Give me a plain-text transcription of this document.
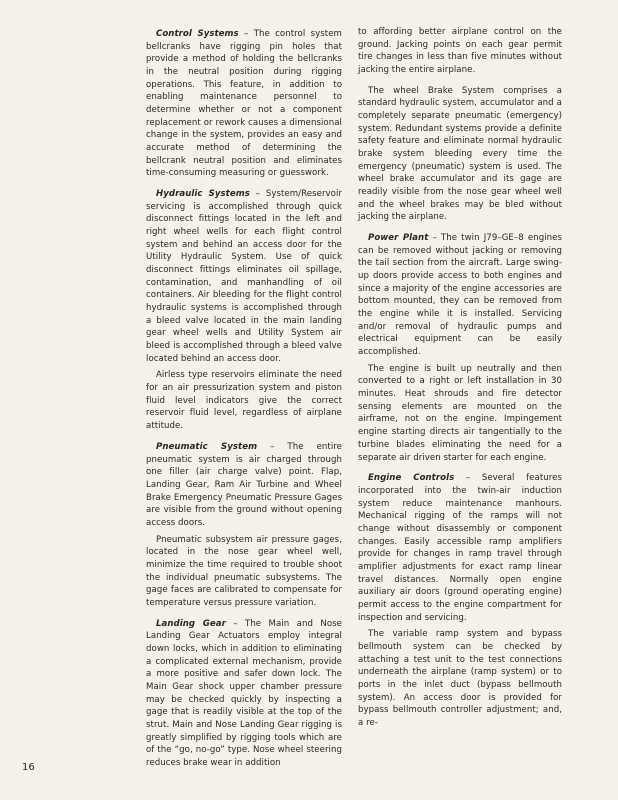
Control Systems – The control system bellcranks have rigging pin holes that provide a method of holding the bellcranks in the neutral position during rigging operations. This feature, in addition to enabling maintenance personnel to determine whether or not a component replacement or rework causes a dimensional change in the system, provides an easy and accurate method of determining the bellcrank neutral position and eliminates time-consuming measuring or guesswork.

Hydraulic Systems – System/Reservoir servicing is accomplished through quick disconnect fittings located in the left and right wheel wells for each flight control system and behind an access door for the Utility Hydraulic System. Use of quick disconnect fittings eliminates oil spillage, contamination, and manhandling of oil containers. Air bleeding for the flight control hydraulic systems is accomplished through a bleed valve located in the main landing gear wheel wells and Utility System air bleed is accomplished through a bleed valve located behind an access door.

Airless type reservoirs eliminate the need for an air pressurization system and piston fluid level indicators give the correct reservoir fluid level, regardless of airplane attitude.

Pneumatic System – The entire pneumatic system is air charged through one filler (air charge valve) point. Flap, Landing Gear, Ram Air Turbine and Wheel Brake Emergency Pneumatic Pressure Gages are visible from the ground without opening access doors.

Pneumatic subsystem air pressure gages, located in the nose gear wheel well, minimize the time required to trouble shoot the individual pneumatic subsystems. The gage faces are calibrated to compensate for temperature versus pressure variation.

Landing Gear – The Main and Nose Landing Gear Actuators employ integral down locks, which in addition to eliminating a complicated external mechanism, provide a more positive and safer down lock. The Main Gear shock upper chamber pressure may be checked quickly by inspecting a gage that is readily visible at the top of the strut. Main and Nose Landing Gear rigging is greatly simplified by rigging tools which are of the “go, no-go” type. Nose wheel steering reduces brake wear in addition

to affording better airplane control on the ground. Jacking points on each gear permit tire changes in less than five minutes without jacking the entire airplane.

The wheel Brake System comprises a standard hydraulic system, accumulator and a completely separate pneumatic (emergency) system. Redundant systems provide a definite safety feature and eliminate normal hydraulic brake system bleeding every time the emergency (pneumatic) system is used. The wheel brake accumulator and its gage are readily visible from the nose gear wheel well and the wheel brakes may be bled without jacking the airplane.

Power Plant – The twin J79–GE–8 engines can be removed without jacking or removing the tail section from the aircraft. Large swing-up doors provide access to both engines and since a majority of the engine accessories are bottom mounted, they can be removed from the engine while it is installed. Servicing and/or removal of hydraulic pumps and electrical equipment can be easily accomplished.

The engine is built up neutrally and then converted to a right or left installation in 30 minutes. Heat shrouds and fire detector sensing elements are mounted on the airframe, not on the engine. Impingement engine starting directs air tangentially to the turbine blades eliminating the need for a separate air driven starter for each engine.

Engine Controls – Several features incorporated into the twin-air induction system reduce maintenance manhours. Mechanical rigging of the ramps will not change without disassembly or component changes. Easily accessible ramp amplifiers provide for changes in ramp travel through amplifier adjustments for exact ramp linear travel distances. Normally open engine auxiliary air doors (ground operating engine) permit access to the engine compartment for inspection and servicing.

The variable ramp system and bypass bellmouth system can be checked by attaching a test unit to the test connections underneath the airplane (ramp system) or to ports in the inlet duct (bypass bellmouth system). An access door is provided for bypass bellmouth controller adjustment; and, a re-

16
